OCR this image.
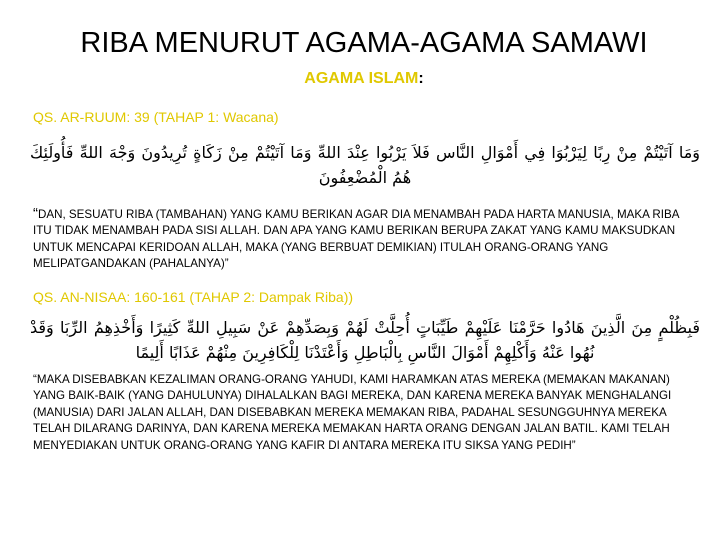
RIBA MENURUT AGAMA-AGAMA SAMAWI
AGAMA ISLAM:
QS. AR-RUUM: 39 (TAHAP 1: Wacana)
وَمَا آتَيْتُمْ مِنْ رِبًا لِيَرْبُوَا فِي أَمْوَالِ النَّاس فَلاَ يَرْبُوا عِنْدَ اللهِّ وَمَا آتَيْتُمْ مِنْ زَكَاةٍ تُرِيدُونَ وَجْهَ اللهِّ فَأُولَئِكَ هُمُ الْمُضْعِفُونَ
“DAN, SESUATU RIBA (TAMBAHAN) YANG KAMU BERIKAN AGAR DIA MENAMBAH PADA HARTA MANUSIA, MAKA RIBA ITU TIDAK MENAMBAH PADA SISI ALLAH. DAN APA YANG KAMU BERIKAN BERUPA ZAKAT YANG KAMU MAKSUDKAN UNTUK MENCAPAI KERIDOAN ALLAH, MAKA (YANG BERBUAT DEMIKIAN) ITULAH ORANG-ORANG YANG MELIPATGANDAKAN (PAHALANYA)”
QS. AN-NISAA: 160-161 (TAHAP 2: Dampak Riba))
فَبِظُلْمٍ مِنَ الَّذِينَ هَادُوا حَرَّمْنَا عَلَيْهِمْ طَيِّبَاتٍ أُحِلَّتْ لَهُمْ وَبِصَدِّهِمْ عَنْ سَبِيلِ اللهِّ كَثِيرًا وَأَخْذِهِمُ الرِّبَا وَقَدْ نُهُوا عَنْهُ وَأَكْلِهِمْ أَمْوَالَ النَّاسِ بِالْبَاطِلِ وَأَعْتَدْنَا لِلْكَافِرِينَ مِنْهُمْ عَذَابًا أَلِيمًا
“MAKA DISEBABKAN KEZALIMAN ORANG-ORANG YAHUDI, KAMI HARAMKAN ATAS MEREKA (MEMAKAN MAKANAN) YANG BAIK-BAIK (YANG DAHULUNYA) DIHALALKAN BAGI MEREKA, DAN KARENA MEREKA BANYAK MENGHALANGI (MANUSIA) DARI JALAN ALLAH, DAN DISEBABKAN MEREKA MEMAKAN RIBA, PADAHAL SESUNGGUHNYA MEREKA TELAH DILARANG DARINYA, DAN KARENA MEREKA MEMAKAN HARTA ORANG DENGAN JALAN BATIL. KAMI TELAH MENYEDIAKAN UNTUK ORANG-ORANG YANG KAFIR DI ANTARA MEREKA ITU SIKSA YANG PEDIH”
